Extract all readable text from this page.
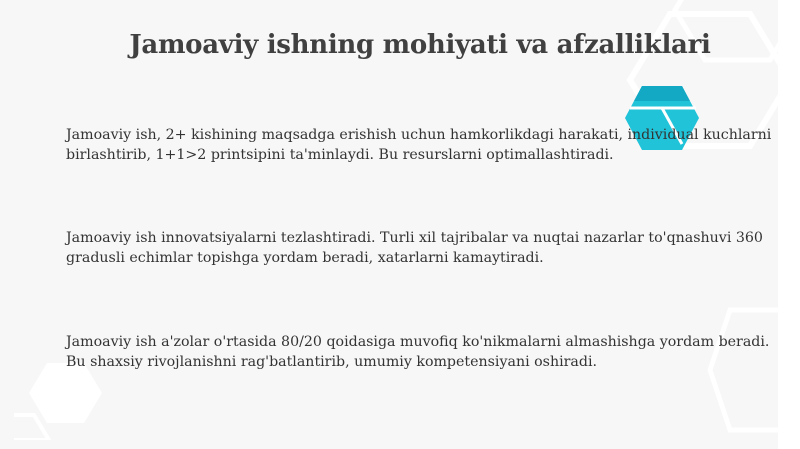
Jamoaviy ishning mohiyati va afzalliklari

Jamoaviy ish, 2+ kishining maqsadga erishish uchun hamkorlikdagi harakati, individual kuchlarni birlashtirib, 1+1>2 printsipini ta'minlaydi. Bu resurslarni optimallashtiradi.

Jamoaviy ish innovatsiyalarni tezlashtiradi. Turli xil tajribalar va nuqtai nazarlar to'qnashuvi 360 gradusli echimlar topishga yordam beradi, xatarlarni kamaytiradi.

Jamoaviy ish a'zolar o'rtasida 80/20 qoidasiga muvofiq ko'nikmalarni almashishga yordam beradi. Bu shaxsiy rivojlanishni rag'batlantirib, umumiy kompetensiyani oshiradi.
